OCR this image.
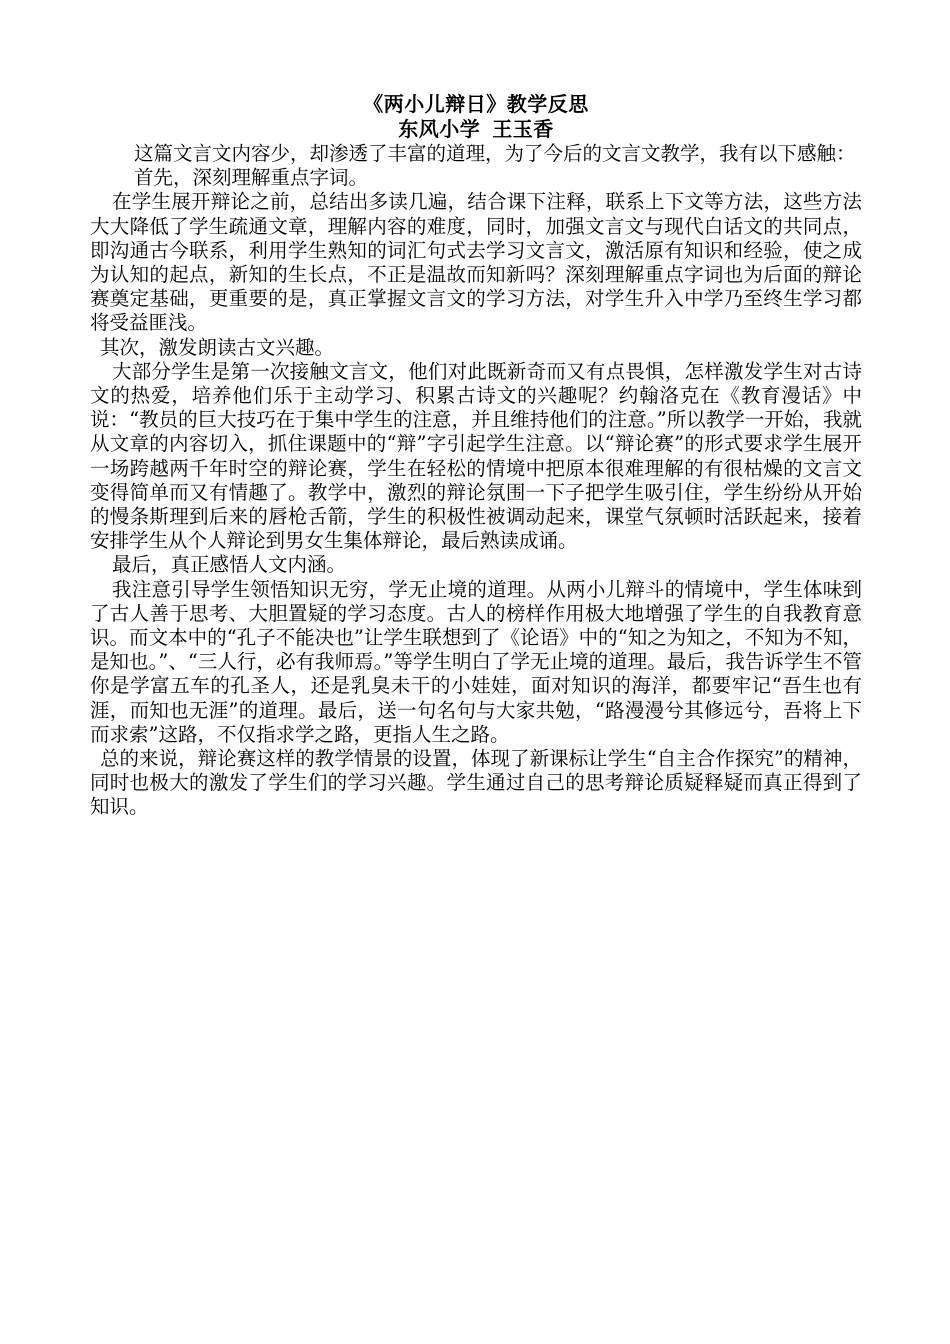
《两小儿辩日》教学反思
东风小学 王玉香

这篇文言文内容少，却渗透了丰富的道理，为了今后的文言文教学，我有以下感触：

首先，深刻理解重点字词。

在学生展开辩论之前，总结出多读几遍，结合课下注释，联系上下文等方法，这些方法大大降低了学生疏通文章，理解内容的难度，同时，加强文言文与现代白话文的共同点，即沟通古今联系，利用学生熟知的词汇句式去学习文言文，激活原有知识和经验，使之成为认知的起点，新知的生长点，不正是温故而知新吗？深刻理解重点字词也为后面的辩论赛奠定基础，更重要的是，真正掌握文言文的学习方法，对学生升入中学乃至终生学习都将受益匪浅。

其次，激发朗读古文兴趣。

大部分学生是第一次接触文言文，他们对此既新奇而又有点畏惧，怎样激发学生对古诗文的热爱，培养他们乐于主动学习、积累古诗文的兴趣呢？约翰洛克在《教育漫话》中说：“教员的巨大技巧在于集中学生的注意，并且维持他们的注意。”所以教学一开始，我就从文章的内容切入，抓住课题中的“辩”字引起学生注意。以“辩论赛”的形式要求学生展开一场跨越两千年时空的辩论赛，学生在轻松的情境中把原本很难理解的有很枯燥的文言文变得简单而又有情趣了。教学中，激烈的辩论氛围一下子把学生吸引住，学生纷纷从开始的慢条斯理到后来的唇枪舌箭，学生的积极性被调动起来，课堂气氛顿时活跃起来，接着安排学生从个人辩论到男女生集体辩论，最后熟读成诵。

最后，真正感悟人文内涵。

我注意引导学生领悟知识无穷，学无止境的道理。从两小儿辩斗的情境中，学生体味到了古人善于思考、大胆置疑的学习态度。古人的榜样作用极大地增强了学生的自我教育意识。而文本中的“孔子不能决也”让学生联想到了《论语》中的“知之为知之，不知为不知，是知也。”、“三人行，必有我师焉。”等学生明白了学无止境的道理。最后，我告诉学生不管你是学富五车的孔圣人，还是乳臭未干的小娃娃，面对知识的海洋，都要牢记“吾生也有涯，而知也无涯”的道理。最后，送一句名句与大家共勉，“路漫漫兮其修远兮，吾将上下而求索”这路，不仅指求学之路，更指人生之路。

总的来说，辩论赛这样的教学情景的设置，体现了新课标让学生“自主合作探究”的精神，同时也极大的激发了学生们的学习兴趣。学生通过自己的思考辩论质疑释疑而真正得到了知识。
